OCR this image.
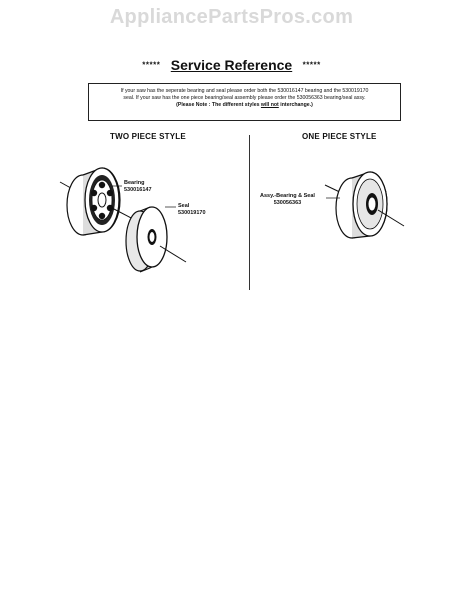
AppliancePartsPros.com
***** Service Reference *****
If your saw has the seperate bearing and seal please order both the 530016147 bearing and the 530019170
seal. If your saw has the one piece bearing/seal assembly please order the 530056363 bearing/seal assy.
(Please Note : The different styles will not interchange.)
TWO PIECE STYLE	ONE PIECE STYLE
Bearing
530016147
Seal
530019170
Assy.-Bearing & Seal
530056363
